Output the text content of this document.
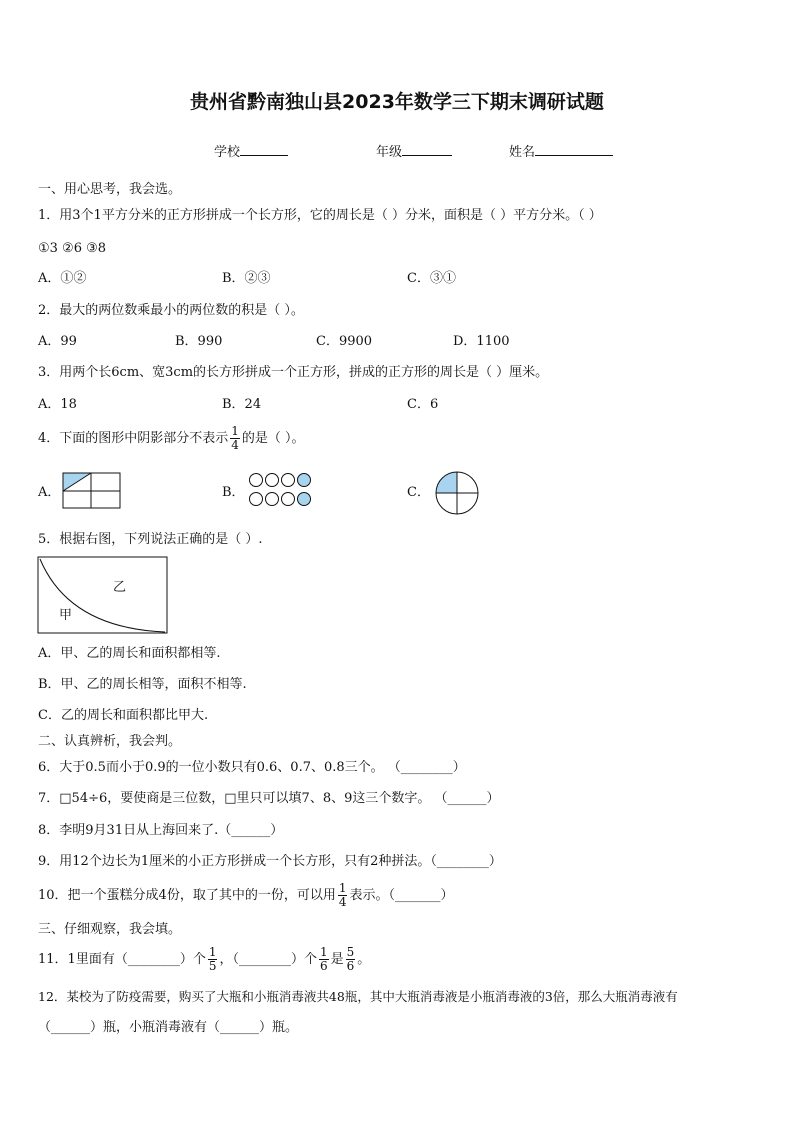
贵州省黔南独山县2023年数学三下期末调研试题
学校	年级	姓名
一、用心思考，我会选。
1．用3个1平方分米的正方形拼成一个长方形，它的周长是（ ）分米，面积是（ ）平方分米。（ ）
①3 ②6 ③8
A．①②	B．②③	C．③①
2．最大的两位数乘最小的两位数的积是（ ）。
A．99	B．990	C．9900	D．1100
3．用两个长6cm、宽3cm的长方形拼成一个正方形，拼成的正方形的周长是（ ）厘米。
A．18	B．24	C．6
4．下面的图形中阴影部分不表示 $\frac{1}{4}$ 的是（ ）。
A．	B．	C．
5．根据右图，下列说法正确的是（ ）.
乙
甲
A．甲、乙的周长和面积都相等.
B．甲、乙的周长相等，面积不相等.
C．乙的周长和面积都比甲大.
二、认真辨析，我会判。
6．大于0.5而小于0.9的一位小数只有0.6、0.7、0.8三个。 （________）
7．□54÷6，要使商是三位数，□里只可以填7、8、9这三个数字。 （______）
8．李明9月31日从上海回来了.（______）
9．用12个边长为1厘米的小正方形拼成一个长方形，只有2种拼法。（________）
10．把一个蛋糕分成4份，取了其中的一份，可以用 $\frac{1}{4}$ 表示。（_______）
三、仔细观察，我会填。
11．1里面有（________）个 $\frac{1}{5}$ ，（________）个 $\frac{1}{6}$ 是 $\frac{5}{6}$ 。
12．某校为了防疫需要，购买了大瓶和小瓶消毒液共48瓶，其中大瓶消毒液是小瓶消毒液的3倍，那么大瓶消毒液有
（______）瓶，小瓶消毒液有（______）瓶。
